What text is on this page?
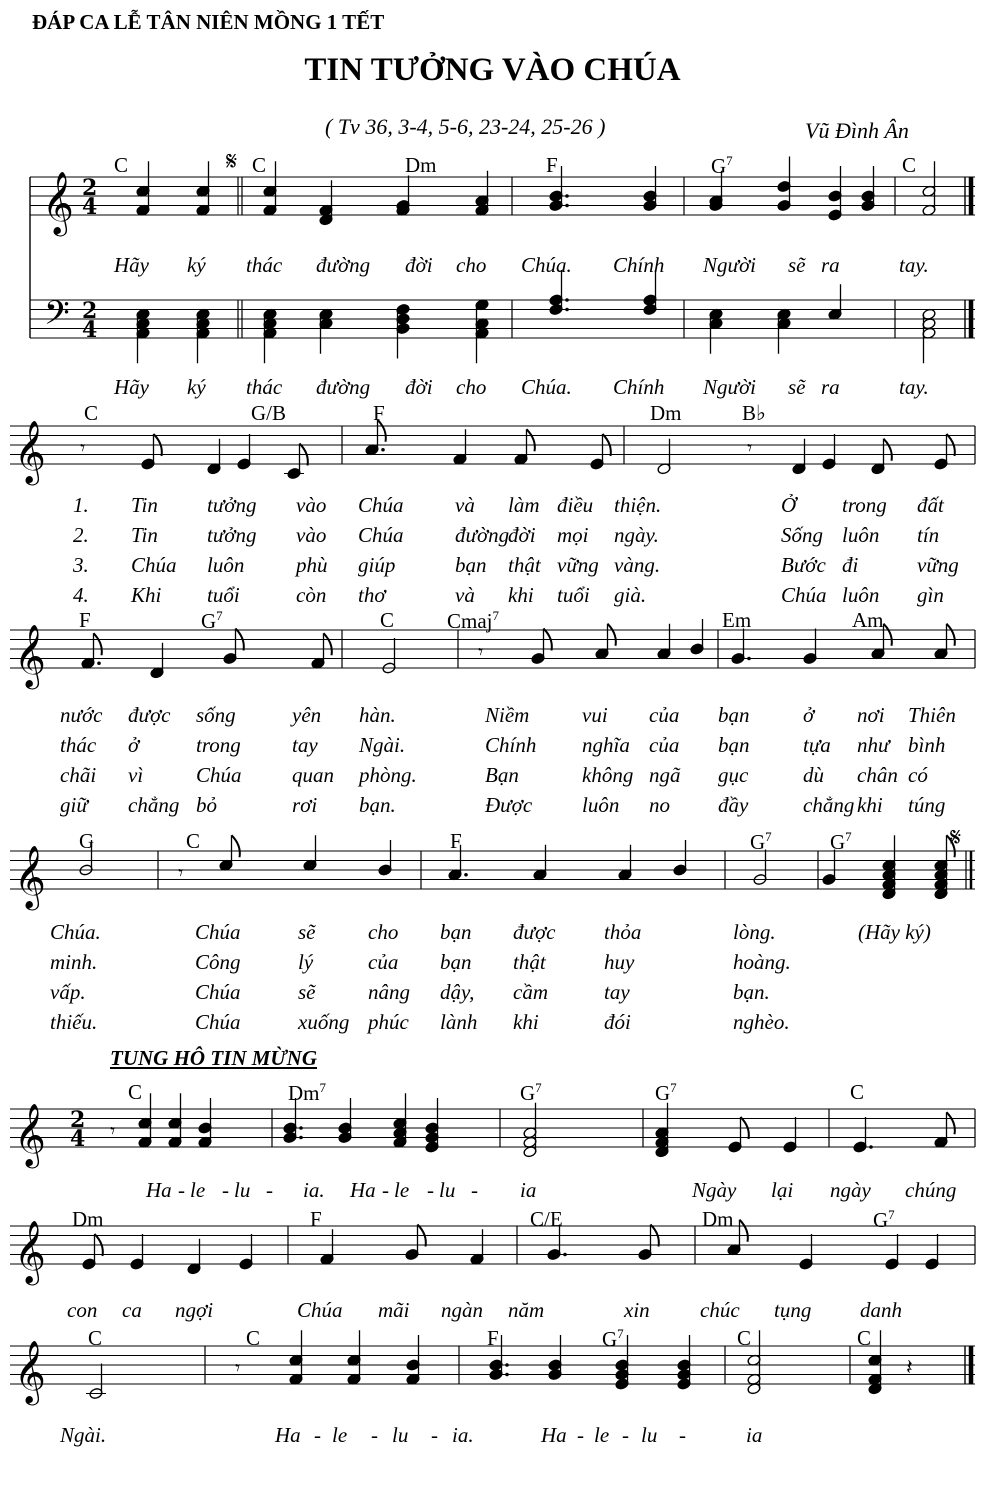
ĐÁP CA LỄ TÂN NIÊN MỒNG 1 TẾT
TIN TƯỞNG VÀO CHÚA
( Tv 36, 3-4, 5-6, 23-24, 25-26 )	Vũ Đình Ân
𝄞
𝄢
2
4
2
4
𝄋
𝄞 𝄾	𝄾
𝄞	𝄾
𝄞
𝄋
𝄾
𝄞 2
4 𝄾
𝄞
𝄞	𝄾	𝄽
C	C	Dm	F	$G^7$	C
C	G/B	F	Dm	B♭
F	$G^7$	C	Cmaj$^7$	Em	Am
G	C	F	$G^7$	$G^7$
C	Dm$^7$	$G^7$	$G^7$	C
Dm	F	C/E	Dm	$G^7$
C	C	F	$G^7$	C	C
Hãy ký thác đường đời cho Chúa. Chính Người sẽ ra	tay.
Hãy ký thác đường đời cho Chúa. Chính Người sẽ ra	tay.
1. Tin tưởng vào Chúa và làm điều thiện.	Ở trong đất
2. Tin tưởng vào Chúa đường
đời mọi ngày.	Sống luôn tín
3. Chúa luôn phù giúp	bạn thật vững vàng.	Bước đi	vững
4. Khi tuổi	còn thơ	và khi tuổi già.	Chúa luôn gìn
nước được sống	yên hàn.	Niềm	vui của bạn	ở nơi Thiên
thác ở	trong tay Ngài.	Chính nghĩa của bạn	tựa như bình
chãi vì	Chúa quan phòng.	Bạn	không ngã gục	dù chân có
giữ chẳng bỏ	rơi bạn.	Được luôn no đầy	chẳng khi túng
Chúa.	Chúa	sẽ	cho bạn được thỏa	lòng.	(Hãy ký)
minh.	Công	lý	của bạn thật	huy	hoàng.
vấp.	Chúa	sẽ	nâng dậy, cầm	tay	bạn.
thiếu.	Chúa	xuống phúc lành khi	đói	nghèo.
Ha - le - lu - ia. Ha - le - lu - ia	Ngày lại ngày chúng
con ca ngợi	Chúa mãi ngàn năm	xin chúc tụng danh
Ngài.	Ha - le - lu - ia.	Ha - le - lu -	ia
TUNG HÔ TIN MỪNG
